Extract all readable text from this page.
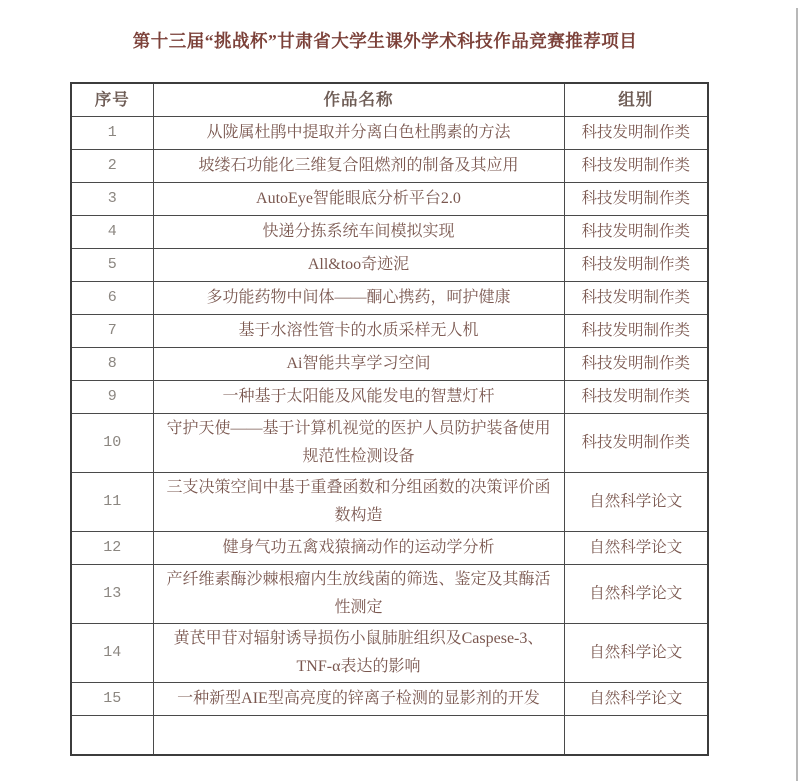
第十三届“挑战杯”甘肃省大学生课外学术科技作品竞赛推荐项目
序号	作品名称	组别
1	从陇属杜鹃中提取并分离白色杜鹃素的方法	科技发明制作类
2	坡缕石功能化三维复合阻燃剂的制备及其应用	科技发明制作类
3	AutoEye智能眼底分析平台2.0	科技发明制作类
4	快递分拣系统车间模拟实现	科技发明制作类
5	All&too奇迹泥	科技发明制作类
6	多功能药物中间体——酮心携药，呵护健康	科技发明制作类
7	基于水溶性管卡的水质采样无人机	科技发明制作类
8	Ai智能共享学习空间	科技发明制作类
9	一种基于太阳能及风能发电的智慧灯杆	科技发明制作类
10	守护天使——基于计算机视觉的医护人员防护装备使用规范性检测设备	科技发明制作类
11	三支决策空间中基于重叠函数和分组函数的决策评价函数构造	自然科学论文
12	健身气功五禽戏猿摘动作的运动学分析	自然科学论文
13	产纤维素酶沙棘根瘤内生放线菌的筛选、鉴定及其酶活性测定	自然科学论文
14	黄芪甲苷对辐射诱导损伤小鼠肺脏组织及Caspese-3、TNF-α表达的影响	自然科学论文
15	一种新型AIE型高亮度的锌离子检测的显影剂的开发	自然科学论文
